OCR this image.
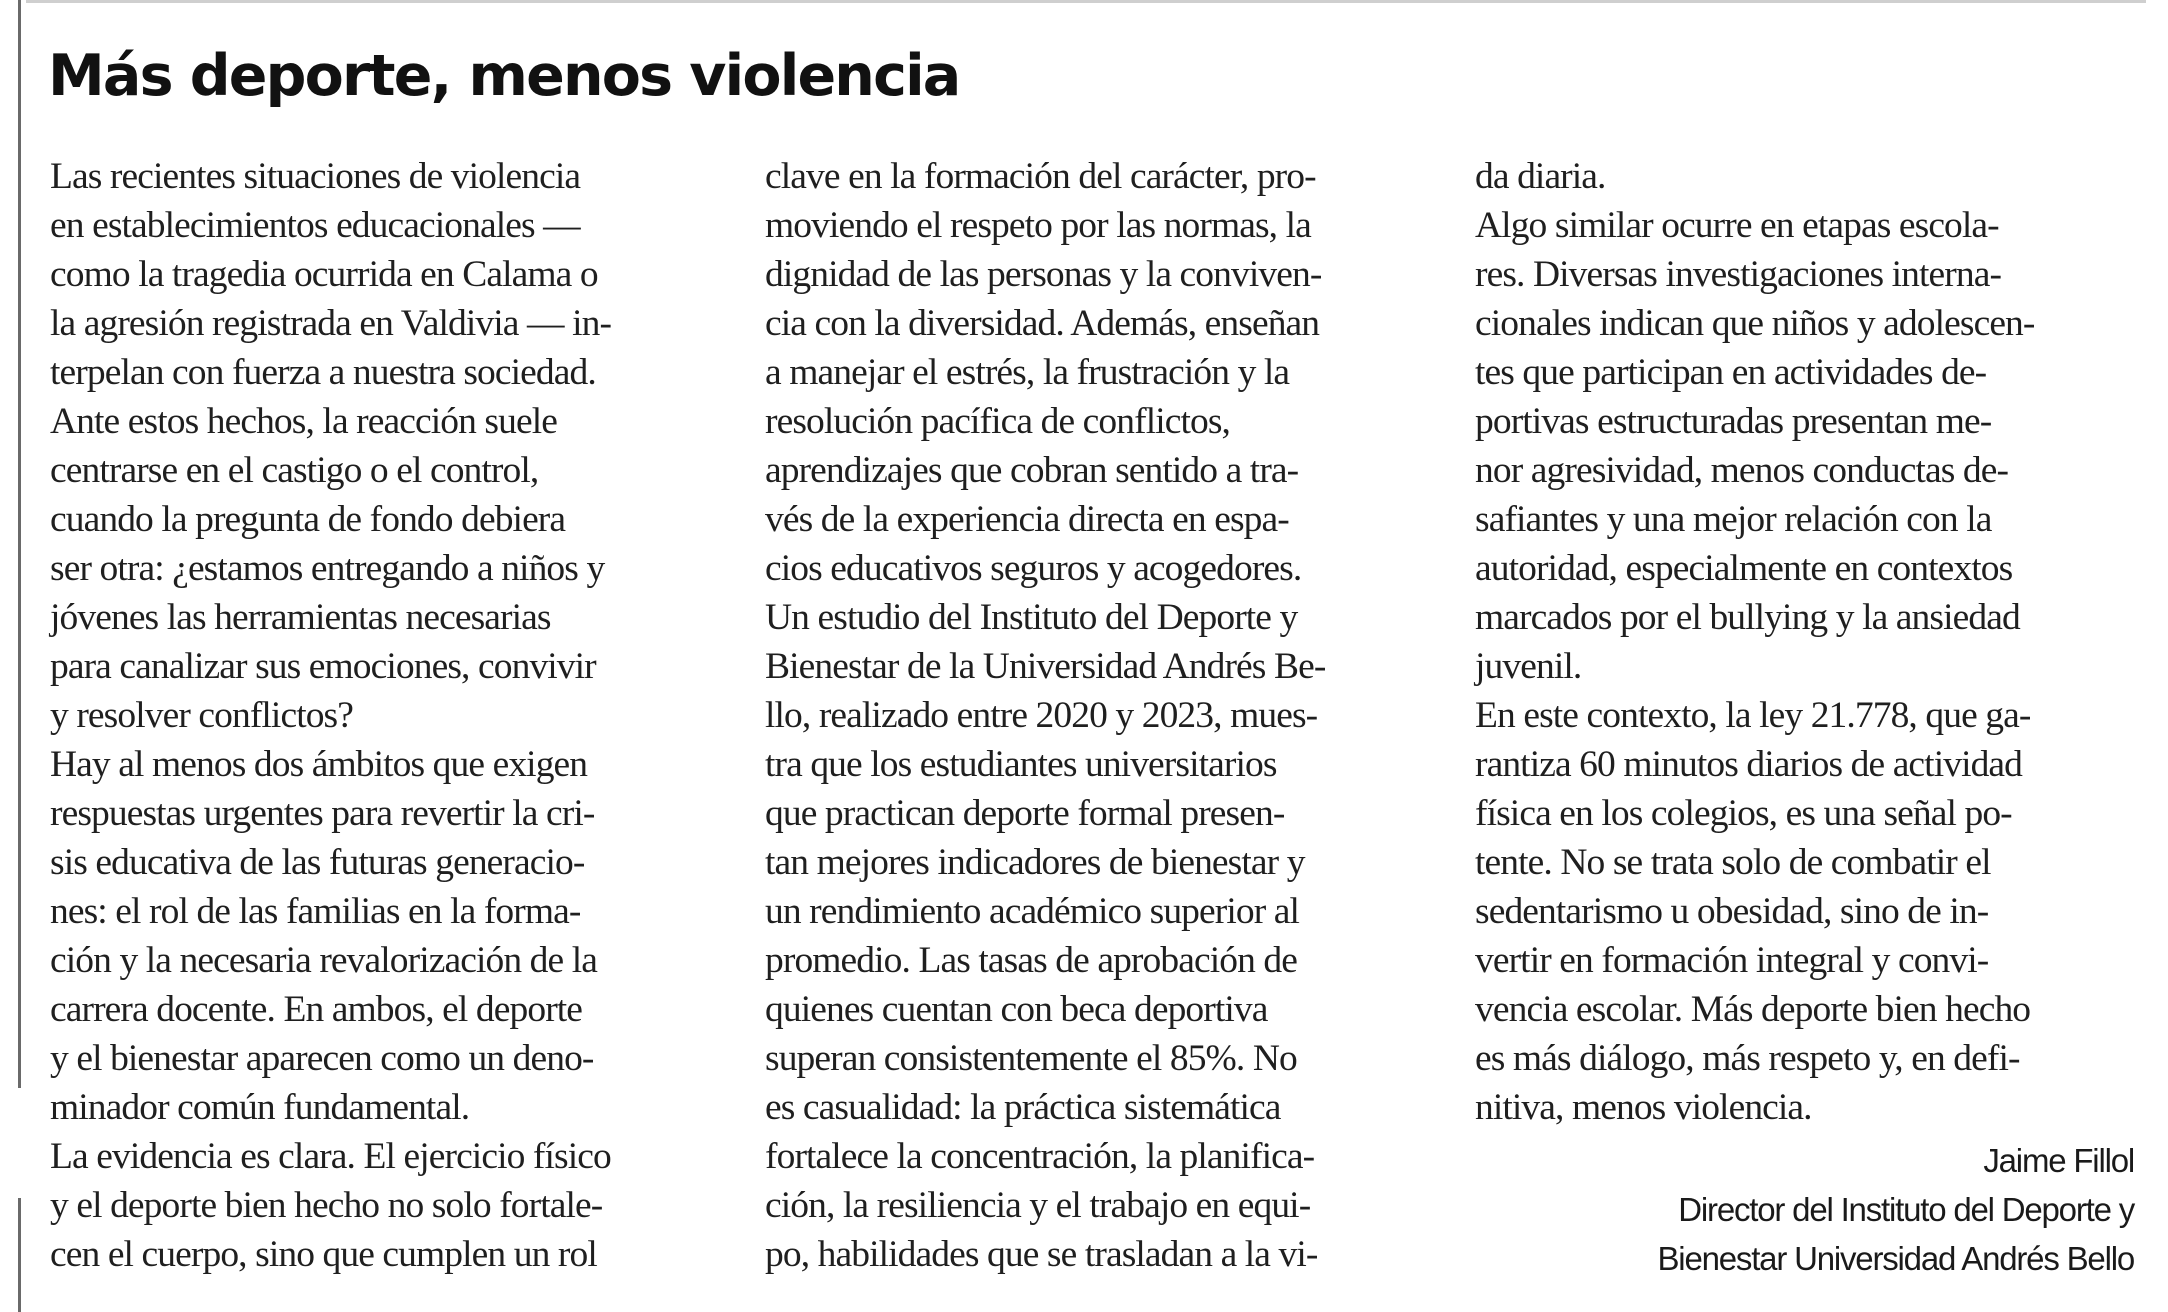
Más deporte, menos violencia
Las recientes situaciones de violencia
en establecimientos educacionales —
como la tragedia ocurrida en Calama o
la agresión registrada en Valdivia — in-
terpelan con fuerza a nuestra sociedad.
Ante estos hechos, la reacción suele
centrarse en el castigo o el control,
cuando la pregunta de fondo debiera
ser otra: ¿estamos entregando a niños y
jóvenes las herramientas necesarias
para canalizar sus emociones, convivir
y resolver conflictos?
Hay al menos dos ámbitos que exigen
respuestas urgentes para revertir la cri-
sis educativa de las futuras generacio-
nes: el rol de las familias en la forma-
ción y la necesaria revalorización de la
carrera docente. En ambos, el deporte
y el bienestar aparecen como un deno-
minador común fundamental.
La evidencia es clara. El ejercicio físico
y el deporte bien hecho no solo fortale-
cen el cuerpo, sino que cumplen un rol
clave en la formación del carácter, pro-
moviendo el respeto por las normas, la
dignidad de las personas y la conviven-
cia con la diversidad. Además, enseñan
a manejar el estrés, la frustración y la
resolución pacífica de conflictos,
aprendizajes que cobran sentido a tra-
vés de la experiencia directa en espa-
cios educativos seguros y acogedores.
Un estudio del Instituto del Deporte y
Bienestar de la Universidad Andrés Be-
llo, realizado entre 2020 y 2023, mues-
tra que los estudiantes universitarios
que practican deporte formal presen-
tan mejores indicadores de bienestar y
un rendimiento académico superior al
promedio. Las tasas de aprobación de
quienes cuentan con beca deportiva
superan consistentemente el 85%. No
es casualidad: la práctica sistemática
fortalece la concentración, la planifica-
ción, la resiliencia y el trabajo en equi-
po, habilidades que se trasladan a la vi-
da diaria.
Algo similar ocurre en etapas escola-
res. Diversas investigaciones interna-
cionales indican que niños y adolescen-
tes que participan en actividades de-
portivas estructuradas presentan me-
nor agresividad, menos conductas de-
safiantes y una mejor relación con la
autoridad, especialmente en contextos
marcados por el bullying y la ansiedad
juvenil.
En este contexto, la ley 21.778, que ga-
rantiza 60 minutos diarios de actividad
física en los colegios, es una señal po-
tente. No se trata solo de combatir el
sedentarismo u obesidad, sino de in-
vertir en formación integral y convi-
vencia escolar. Más deporte bien hecho
es más diálogo, más respeto y, en defi-
nitiva, menos violencia.
Jaime Fillol
Director del Instituto del Deporte y
Bienestar Universidad Andrés Bello
